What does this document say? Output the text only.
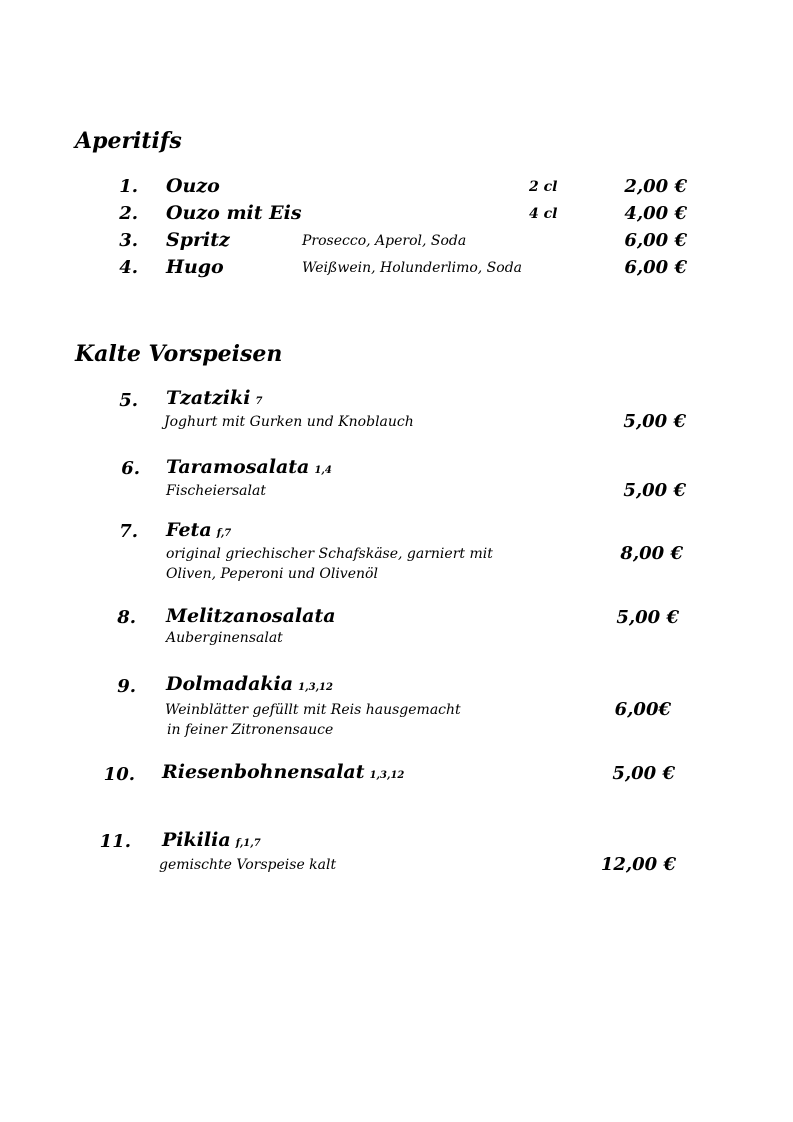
Aperitifs
1. Ouzo	2 cl	2,00 €
2. Ouzo mit Eis	4 cl	4,00 €
3. Spritz	Prosecco, Aperol, Soda	6,00 €
4. Hugo	Weißwein, Holunderlimo, Soda	6,00 €
Kalte Vorspeisen
5. Tzatziki 7
Joghurt mit Gurken und Knoblauch	5,00 €
6. Taramosalata 1,4
Fischeiersalat	5,00 €
7. Feta f,7
original griechischer Schafskäse, garniert mit
Oliven, Peperoni und Olivenöl
8,00 €
8. Melitzanosalata
Auberginensalat
5,00 €
9. Dolmadakia 1,3,12
Weinblätter gefüllt mit Reis hausgemacht
in feiner Zitronensauce
6,00€
10. Riesenbohnensalat 1,3,12	5,00 €
11. Pikilia f,1,7
gemischte Vorspeise kalt	12,00 €
